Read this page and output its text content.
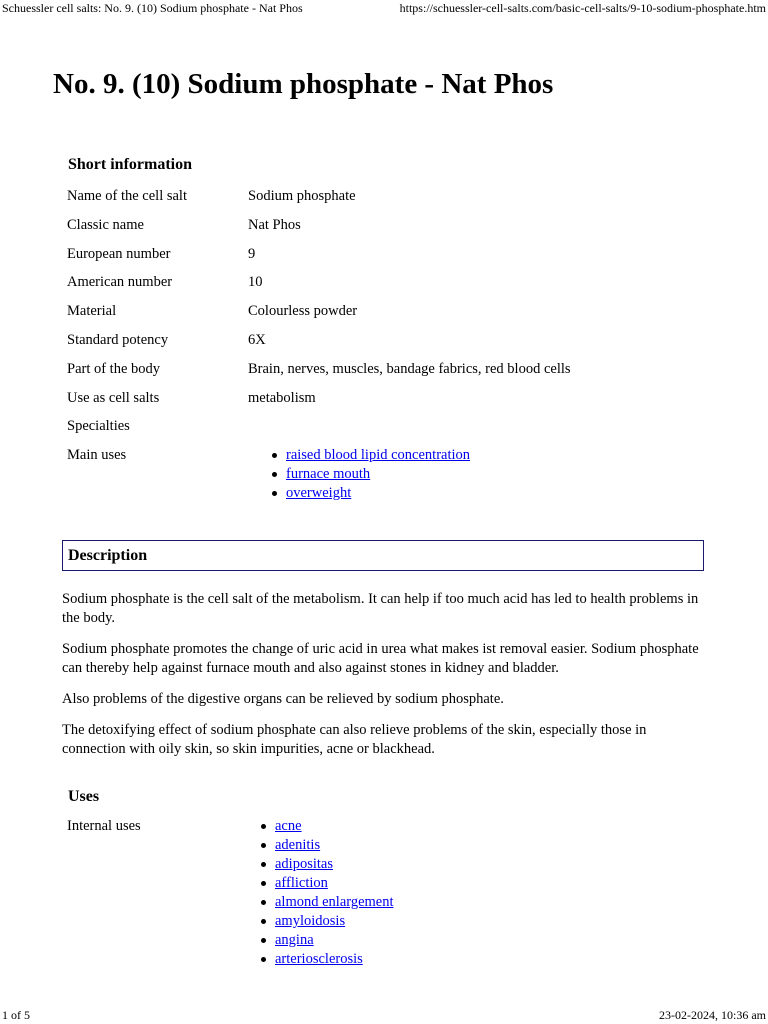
Schuessler cell salts: No. 9. (10) Sodium phosphate - Nat Phos	https://schuessler-cell-salts.com/basic-cell-salts/9-10-sodium-phosphate.htm
No. 9. (10) Sodium phosphate - Nat Phos
Short information
Name of the cell salt	Sodium phosphate
Classic name	Nat Phos
European number	9
American number	10
Material	Colourless powder
Standard potency	6X
Part of the body	Brain, nerves, muscles, bandage fabrics, red blood cells
Use as cell salts	metabolism
Specialties
Main uses	raised blood lipid concentration
furnace mouth
overweight
Description

Sodium phosphate is the cell salt of the metabolism. It can help if too much acid has led to health problems in the body.

Sodium phosphate promotes the change of uric acid in urea what makes ist removal easier. Sodium phosphate can thereby help against furnace mouth and also against stones in kidney and bladder.

Also problems of the digestive organs can be relieved by sodium phosphate.

The detoxifying effect of sodium phosphate can also relieve problems of the skin, especially those in connection with oily skin, so skin impurities, acne or blackhead.

Uses
Internal uses	acne
adenitis
adipositas
affliction
almond enlargement
amyloidosis
angina
arteriosclerosis
1 of 5	23-02-2024, 10:36 am
